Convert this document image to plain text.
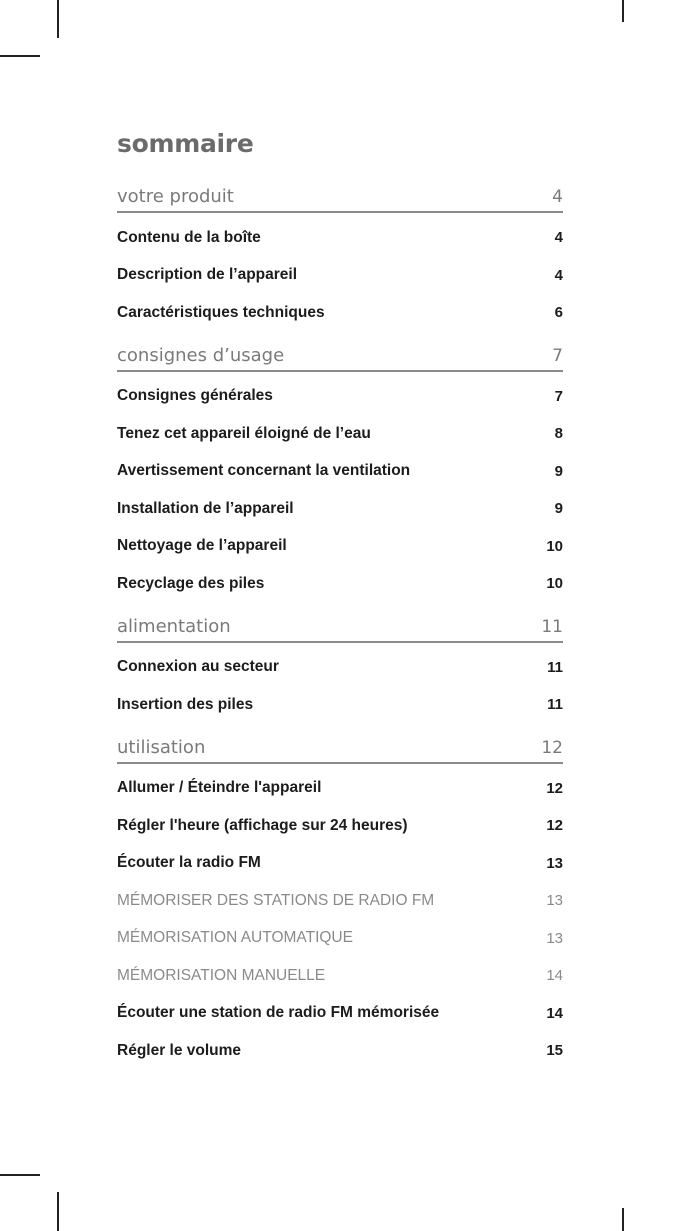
sommaire
votre produit	4
Contenu de la boîte	4
Description de l’appareil	4
Caractéristiques techniques	6
consignes d’usage	7
Consignes générales	7
Tenez cet appareil éloigné de l’eau	8
Avertissement concernant la ventilation	9
Installation de l’appareil	9
Nettoyage de l’appareil	10
Recyclage des piles	10
alimentation	11
Connexion au secteur	11
Insertion des piles	11
utilisation	12
Allumer / Éteindre l'appareil	12
Régler l'heure (affichage sur 24 heures)	12
Écouter la radio FM	13
MÉMORISER DES STATIONS DE RADIO FM	13
MÉMORISATION AUTOMATIQUE	13
MÉMORISATION MANUELLE	14
Écouter une station de radio FM mémorisée	14
Régler le volume	15
